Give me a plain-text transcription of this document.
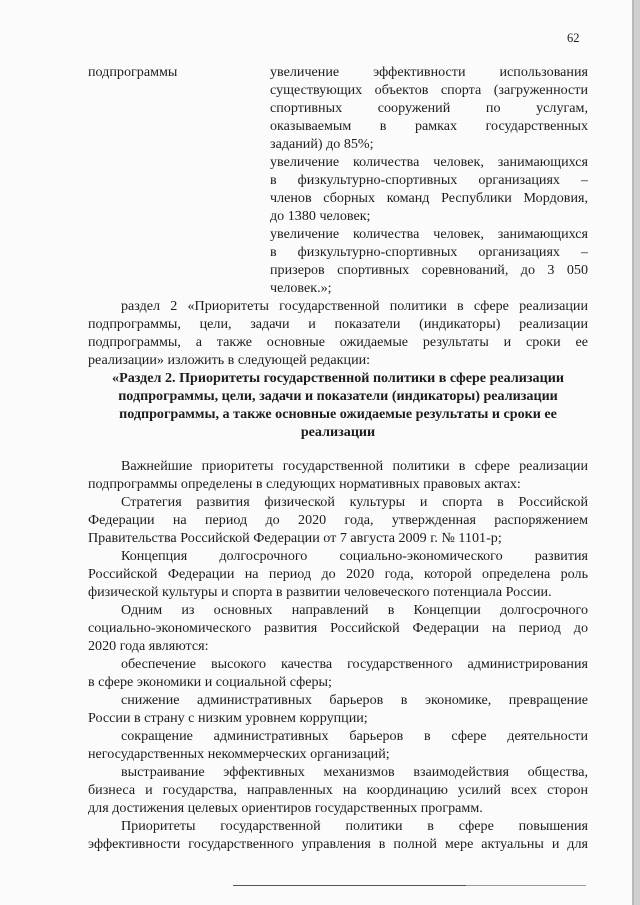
62
подпрограммы	увеличение эффективности использования
существующих объектов спорта (загруженности
спортивных сооружений по услугам,
оказываемым в рамках государственных
заданий) до 85%;
увеличение количества человек, занимающихся
в физкультурно-спортивных организациях –
членов сборных команд Республики Мордовия,
до 1380 человек;
увеличение количества человек, занимающихся
в физкультурно-спортивных организациях –
призеров спортивных соревнований, до 3 050
человек.»;
раздел 2 «Приоритеты государственной политики в сфере реализации
подпрограммы, цели, задачи и показатели (индикаторы) реализации
подпрограммы, а также основные ожидаемые результаты и сроки ее
реализации» изложить в следующей редакции:
«Раздел 2. Приоритеты государственной политики в сфере реализации
подпрограммы, цели, задачи и показатели (индикаторы) реализации
подпрограммы, а также основные ожидаемые результаты и сроки ее
реализации
Важнейшие приоритеты государственной политики в сфере реализации
подпрограммы определены в следующих нормативных правовых актах:
Стратегия развития физической культуры и спорта в Российской
Федерации на период до 2020 года, утвержденная распоряжением
Правительства Российской Федерации от 7 августа 2009 г. № 1101-р;
Концепция долгосрочного социально-экономического развития
Российской Федерации на период до 2020 года, которой определена роль
физической культуры и спорта в развитии человеческого потенциала России.
Одним из основных направлений в Концепции долгосрочного
социально-экономического развития Российской Федерации на период до
2020 года являются:
обеспечение высокого качества государственного администрирования
в сфере экономики и социальной сферы;
снижение административных барьеров в экономике, превращение
России в страну с низким уровнем коррупции;
сокращение административных барьеров в сфере деятельности
негосударственных некоммерческих организаций;
выстраивание эффективных механизмов взаимодействия общества,
бизнеса и государства, направленных на координацию усилий всех сторон
для достижения целевых ориентиров государственных программ.
Приоритеты государственной политики в сфере повышения
эффективности государственного управления в полной мере актуальны и для
